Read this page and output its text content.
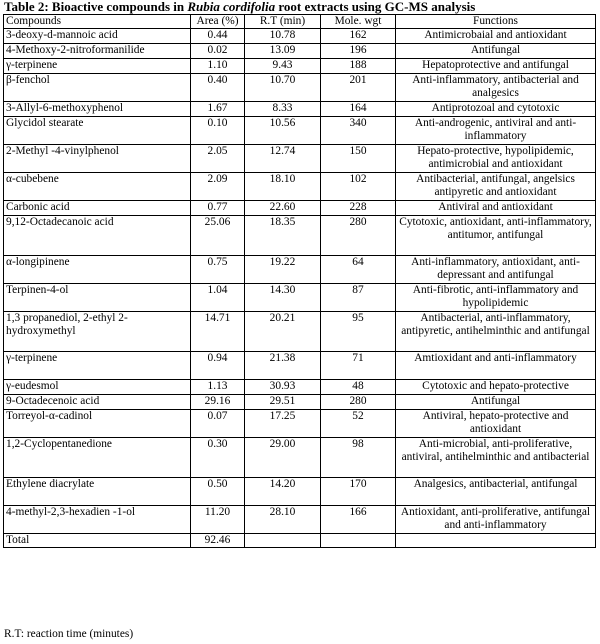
Table 2: Bioactive compounds in Rubia cordifolia root extracts using GC-MS analysis
Compounds	Area (%)	R.T (min)	Mole. wgt	Functions
3-deoxy-d-mannoic acid	0.44	10.78	162	Antimicrobaial and antioxidant
4-Methoxy-2-nitroformanilide	0.02	13.09	196	Antifungal
γ-terpinene	1.10	9.43	188	Hepatoprotective and antifungal
β-fenchol	0.40	10.70	201	Anti-inflammatory, antibacterial and analgesics
3-Allyl-6-methoxyphenol	1.67	8.33	164	Antiprotozoal and cytotoxic
Glycidol stearate	0.10	10.56	340	Anti-androgenic, antiviral and anti-inflammatory
2-Methyl -4-vinylphenol	2.05	12.74	150	Hepato-protective, hypolipidemic, antimicrobial and antioxidant
α-cubebene	2.09	18.10	102	Antibacterial, antifungal, angelsics antipyretic and antioxidant
Carbonic acid	0.77	22.60	228	Antiviral and antioxidant
9,12-Octadecanoic acid	25.06	18.35	280	Cytotoxic, antioxidant, anti-inflammatory, antitumor, antifungal
α-longipinene	0.75	19.22	64	Anti-inflammatory, antioxidant, anti-depressant and antifungal
Terpinen-4-ol	1.04	14.30	87	Anti-fibrotic, anti-inflammatory and hypolipidemic
1,3 propanediol, 2-ethyl 2-hydroxymethyl	14.71	20.21	95	Antibacterial, anti-inflammatory, antipyretic, antihelminthic and antifungal
γ-terpinene	0.94	21.38	71	Amtioxidant and anti-inflammatory
γ-eudesmol	1.13	30.93	48	Cytotoxic and hepato-protective
9-Octadecenoic acid	29.16	29.51	280	Antifungal
Torreyol-α-cadinol	0.07	17.25	52	Antiviral, hepato-protective and antioxidant
1,2-Cyclopentanedione	0.30	29.00	98	Anti-microbial, anti-proliferative, antiviral, antihelminthic and antibacterial
Ethylene diacrylate	0.50	14.20	170	Analgesics, antibacterial, antifungal
4-methyl-2,3-hexadien -1-ol	11.20	28.10	166	Antioxidant, anti-proliferative, antifungal and anti-inflammatory
Total	92.46			
R.T: reaction time (minutes)
